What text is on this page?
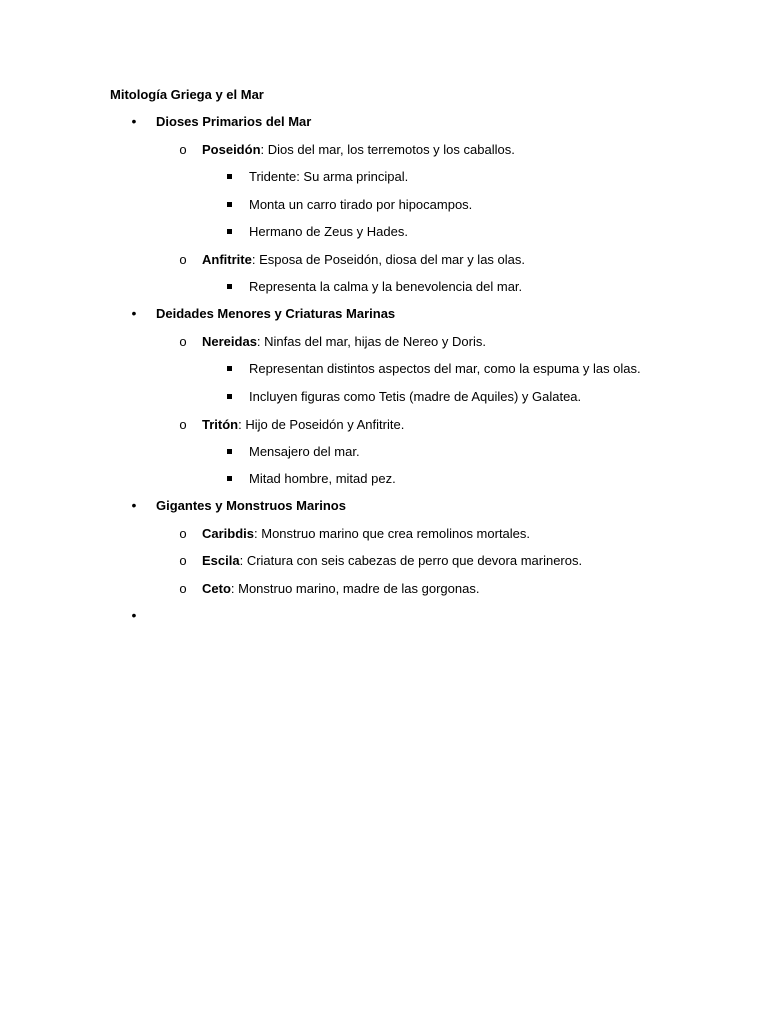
Mitología Griega y el Mar
•	Dioses Primarios del Mar
o Poseidón: Dios del mar, los terremotos y los caballos.
Tridente: Su arma principal.
Monta un carro tirado por hipocampos.
Hermano de Zeus y Hades.
o Anfitrite: Esposa de Poseidón, diosa del mar y las olas.
Representa la calma y la benevolencia del mar.
•	Deidades Menores y Criaturas Marinas
o Nereidas: Ninfas del mar, hijas de Nereo y Doris.
Representan distintos aspectos del mar, como la espuma y las olas.
Incluyen figuras como Tetis (madre de Aquiles) y Galatea.
o Tritón: Hijo de Poseidón y Anfitrite.
Mensajero del mar.
Mitad hombre, mitad pez.
•	Gigantes y Monstruos Marinos
o Caribdis: Monstruo marino que crea remolinos mortales.
o Escila: Criatura con seis cabezas de perro que devora marineros.
o Ceto: Monstruo marino, madre de las gorgonas.
•
